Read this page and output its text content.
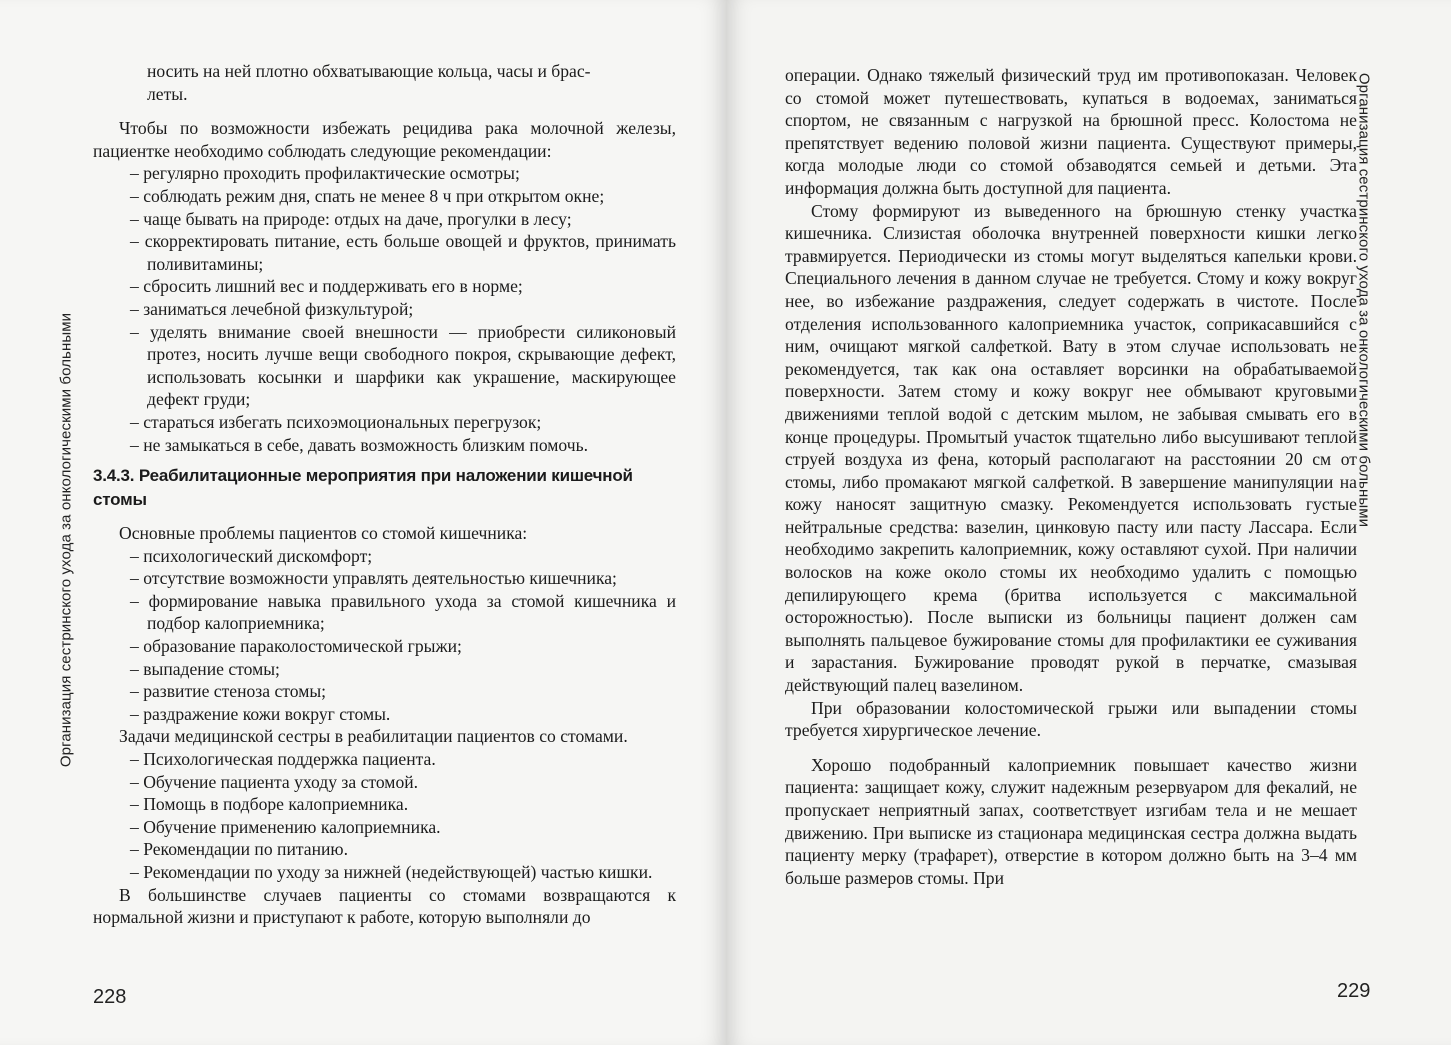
Организация сестринского ухода за онкологическими больными

носить на ней плотно обхватывающие кольца, часы и брас-

леты.

Чтобы по возможности избежать рецидива рака молочной железы, пациентке необходимо соблюдать следующие рекомендации:

– регулярно проходить профилактические осмотры;

– соблюдать режим дня, спать не менее 8 ч при открытом окне;

– чаще бывать на природе: отдых на даче, прогулки в лесу;

– скорректировать питание, есть больше овощей и фруктов, принимать поливитамины;

– сбросить лишний вес и поддерживать его в норме;

– заниматься лечебной физкультурой;

– уделять внимание своей внешности — приобрести силиконовый протез, носить лучше вещи свободного покроя, скрывающие дефект, использовать косынки и шарфики как украшение, маскирующее дефект груди;

– стараться избегать психоэмоциональных перегрузок;

– не замыкаться в себе, давать возможность близким помочь.

3.4.3. Реабилитационные мероприятия при наложении кишечной стомы

Основные проблемы пациентов со стомой кишечника:

– психологический дискомфорт;

– отсутствие возможности управлять деятельностью кишечника;

– формирование навыка правильного ухода за стомой кишечника и подбор калоприемника;

– образование параколостомической грыжи;

– выпадение стомы;

– развитие стеноза стомы;

– раздражение кожи вокруг стомы.

Задачи медицинской сестры в реабилитации пациентов со стомами.

– Психологическая поддержка пациента.

– Обучение пациента уходу за стомой.

– Помощь в подборе калоприемника.

– Обучение применению калоприемника.

– Рекомендации по питанию.

– Рекомендации по уходу за нижней (недействующей) частью кишки.

В большинстве случаев пациенты со стомами возвращаются к нормальной жизни и приступают к работе, которую выполняли до

228
Организация сестринского ухода за онкологическими больными

операции. Однако тяжелый физический труд им противопоказан. Человек со стомой может путешествовать, купаться в водоемах, заниматься спортом, не связанным с нагрузкой на брюшной пресс. Колостома не препятствует ведению половой жизни пациента. Существуют примеры, когда молодые люди со стомой обзаводятся семьей и детьми. Эта информация должна быть доступной для пациента.

Стому формируют из выведенного на брюшную стенку участка кишечника. Слизистая оболочка внутренней поверхности кишки легко травмируется. Периодически из стомы могут выделяться капельки крови. Специального лечения в данном случае не требуется. Стому и кожу вокруг нее, во избежание раздражения, следует содержать в чистоте. После отделения использованного калоприемника участок, соприкасавшийся с ним, очищают мягкой салфеткой. Вату в этом случае использовать не рекомендуется, так как она оставляет ворсинки на обрабатываемой поверхности. Затем стому и кожу вокруг нее обмывают круговыми движениями теплой водой с детским мылом, не забывая смывать его в конце процедуры. Промытый участок тщательно либо высушивают теплой струей воздуха из фена, который располагают на расстоянии 20 см от стомы, либо промакают мягкой салфеткой. В завершение манипуляции на кожу наносят защитную смазку. Рекомендуется использовать густые нейтральные средства: вазелин, цинковую пасту или пасту Лассара. Если необходимо закрепить калоприемник, кожу оставляют сухой. При наличии волосков на коже около стомы их необходимо удалить с помощью депилирующего крема (бритва используется с максимальной осторожностью). После выписки из больницы пациент должен сам выполнять пальцевое бужирование стомы для профилактики ее суживания и зарастания. Бужирование проводят рукой в перчатке, смазывая действующий палец вазелином.

При образовании колостомической грыжи или выпадении стомы требуется хирургическое лечение.

Хорошо подобранный калоприемник повышает качество жизни пациента: защищает кожу, служит надежным резервуаром для фекалий, не пропускает неприятный запах, соответствует изгибам тела и не мешает движению. При выписке из стационара медицинская сестра должна выдать пациенту мерку (трафарет), отверстие в котором должно быть на 3–4 мм больше размеров стомы. При

229
